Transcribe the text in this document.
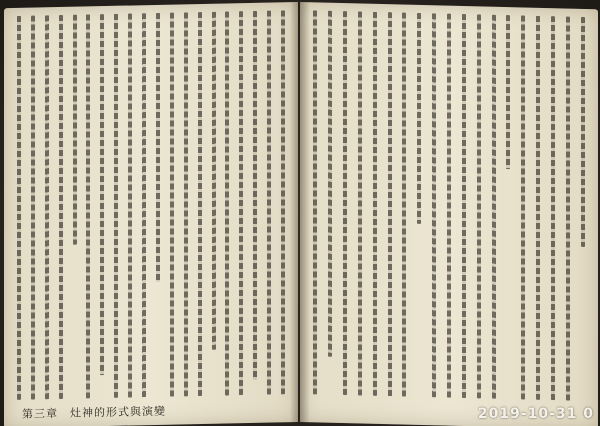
第三章　灶神的形式與演變	2019-10-31 0
